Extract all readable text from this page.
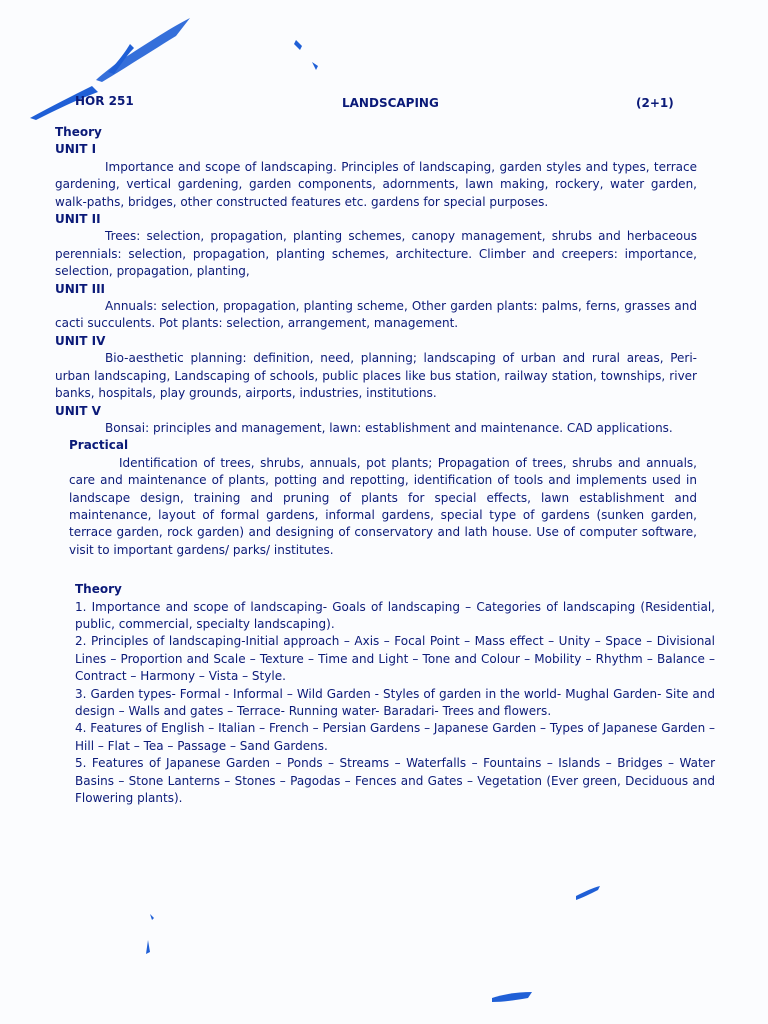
HOR 251	LANDSCAPING	(2+1)

Theory

UNIT I

Importance and scope of landscaping. Principles of landscaping, garden styles and types, terrace gardening, vertical gardening, garden components, adornments, lawn making, rockery, water garden, walk-paths, bridges, other constructed features etc. gardens for special purposes.

UNIT II

Trees: selection, propagation, planting schemes, canopy management, shrubs and herbaceous perennials: selection, propagation, planting schemes, architecture. Climber and creepers: importance, selection, propagation, planting,

UNIT III

Annuals: selection, propagation, planting scheme, Other garden plants: palms, ferns, grasses and cacti succulents. Pot plants: selection, arrangement, management.

UNIT IV

Bio-aesthetic planning: definition, need, planning; landscaping of urban and rural areas, Peri-urban landscaping, Landscaping of schools, public places like bus station, railway station, townships, river banks, hospitals, play grounds, airports, industries, institutions.

UNIT V

Bonsai: principles and management, lawn: establishment and maintenance. CAD applications.

Practical

Identification of trees, shrubs, annuals, pot plants; Propagation of trees, shrubs and annuals, care and maintenance of plants, potting and repotting, identification of tools and implements used in landscape design, training and pruning of plants for special effects, lawn establishment and maintenance, layout of formal gardens, informal gardens, special type of gardens (sunken garden, terrace garden, rock garden) and designing of conservatory and lath house. Use of computer software, visit to important gardens/ parks/ institutes.

Theory

1. Importance and scope of landscaping- Goals of landscaping – Categories of landscaping (Residential, public, commercial, specialty landscaping).

2. Principles of landscaping-Initial approach – Axis – Focal Point – Mass effect – Unity – Space – Divisional Lines – Proportion and Scale – Texture – Time and Light – Tone and Colour – Mobility – Rhythm – Balance – Contract – Harmony – Vista – Style.

3. Garden types- Formal - Informal – Wild Garden - Styles of garden in the world- Mughal Garden- Site and design – Walls and gates – Terrace- Running water- Baradari- Trees and flowers.

4. Features of English – Italian – French – Persian Gardens – Japanese Garden – Types of Japanese Garden – Hill – Flat – Tea – Passage – Sand Gardens.

5. Features of Japanese Garden – Ponds – Streams – Waterfalls – Fountains – Islands – Bridges – Water Basins – Stone Lanterns – Stones – Pagodas – Fences and Gates – Vegetation (Ever green, Deciduous and Flowering plants).
